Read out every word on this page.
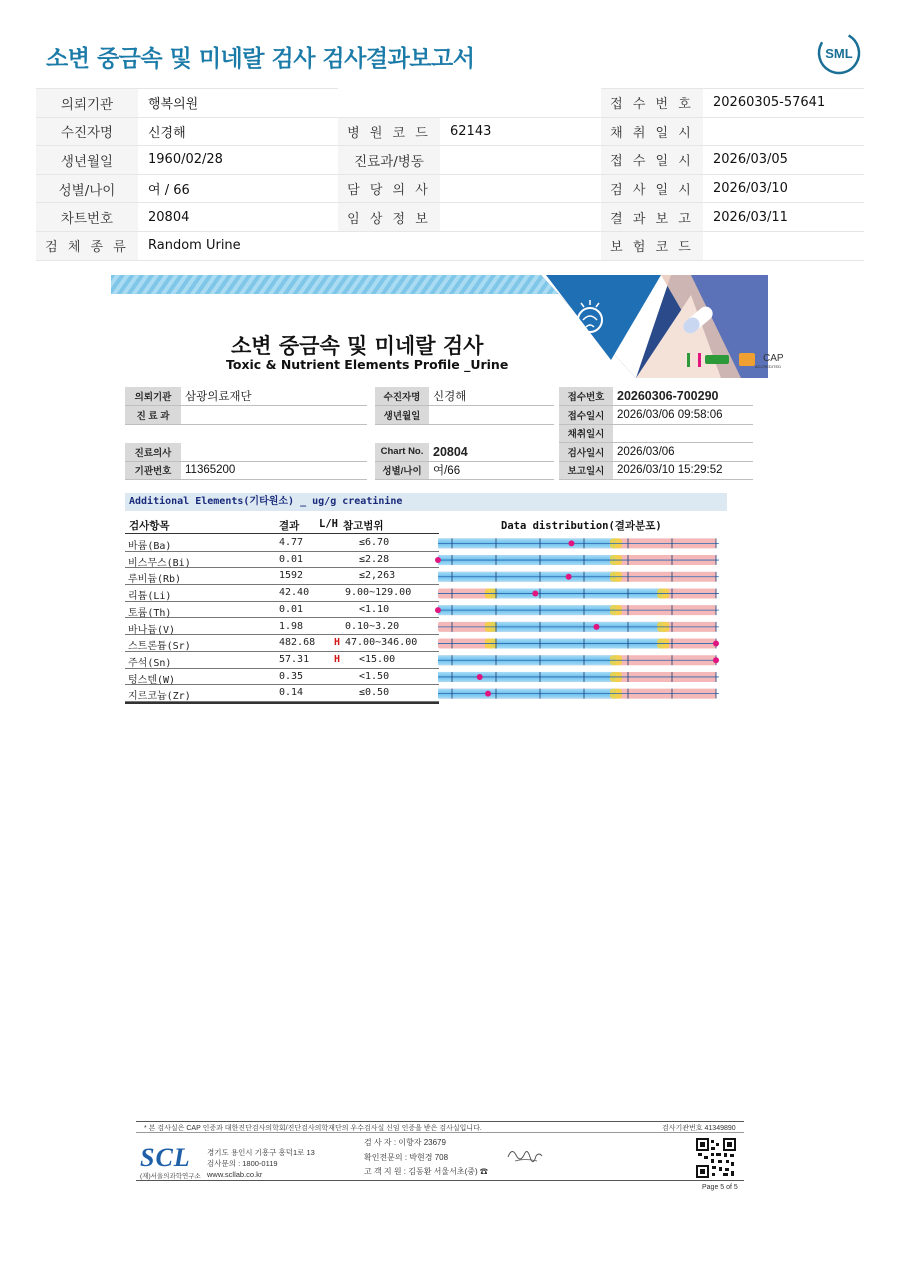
소변 중금속 및 미네랄 검사 검사결과보고서	SML
의뢰기관	행복의원			접 수 번 호	20260305-57641
수진자명	신경해	병 원 코 드	62143	채 취 일 시	
생년월일	1960/02/28	진료과/병동		접 수 일 시	2026/03/05
성별/나이	여 / 66	담 당 의 사		검 사 일 시	2026/03/10
차트번호	20804	임 상 정 보		결 과 보 고	2026/03/11
검 체 종 류	Random Urine			보 험 코 드	
CAP
ACCREDITED
소변 중금속 및 미네랄 검사
Toxic & Nutrient Elements Profile _Urine
의뢰기관	삼광의료재단		수진자명	신경해		접수번호	20260306-700290
진 료 과			생년월일			접수일시	2026/03/06 09:58:06
						채취일시	
진료의사			Chart No.	20804		검사일시	2026/03/06
기관번호	11365200		성별/나이	여/66		보고일시	2026/03/10 15:29:52
Additional Elements(기타원소) _ ug/g creatinine
검사항목	결과 L/H 참고범위	Data distribution(결과분포)
바륨(Ba)	4.77	≤6.70
비스무스(Bi)	0.01	≤2.28
루비듐(Rb)	1592	≤2,263
리튬(Li)	42.40	9.00~129.00
토륨(Th)	0.01	<1.10
바나듐(V)	1.98	0.10~3.20
스트론튬(Sr)	482.68 H 47.00~346.00
주석(Sn)	57.31 H <15.00
텅스텐(W)	0.35	<1.50
지르코늄(Zr)	0.14	≤0.50
* 본 검사실은 CAP 인증과 대한진단검사의학회/진단검사의학재단의 우수검사실 신임 인증을 받은 검사실입니다.	검사기관번호 41349890
SCL
(재)서울의과학연구소
경기도 용인시 기흥구 흥덕1로 13
검사문의 : 1800-0119
www.scllab.co.kr
검 사 자 : 이향자 23679
확인전문의 : 박현경 708
고 객 지 원 : 김동환 서울서초(중) ☎
Page 5 of 5
